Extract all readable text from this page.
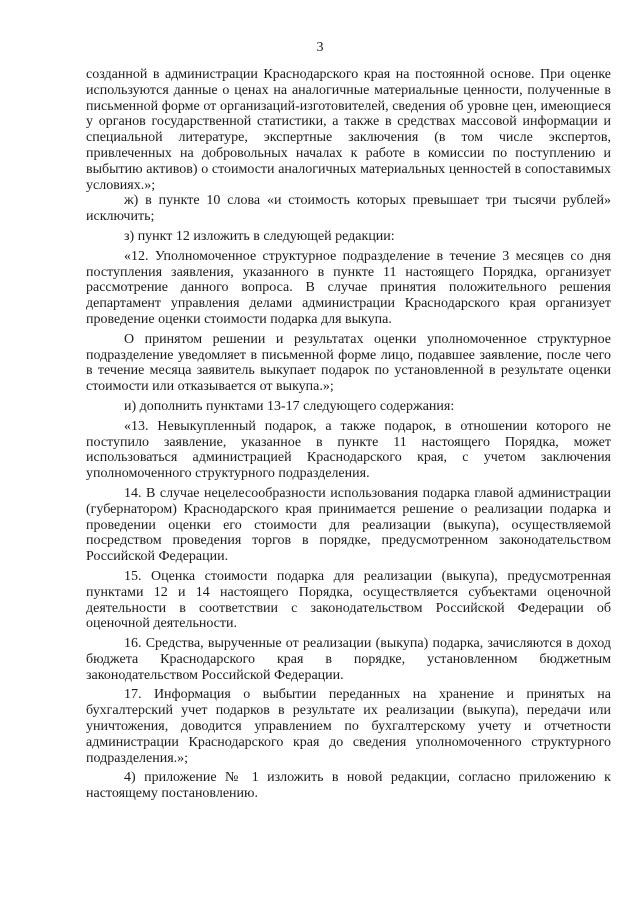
3

созданной в администрации Краснодарского края на постоянной основе. При оценке используются данные о ценах на аналогичные материальные ценности, полученные в письменной форме от организаций-изготовителей, сведения об уровне цен, имеющиеся у органов государственной статистики, а также в средствах массовой информации и специальной литературе, экспертные заключения (в том числе экспертов, привлеченных на добровольных началах к работе в комиссии по поступлению и выбытию активов) о стоимости аналогичных материальных ценностей в сопоставимых условиях.»;

ж) в пункте 10 слова «и стоимость которых превышает три тысячи рублей» исключить;

з) пункт 12 изложить в следующей редакции:

«12. Уполномоченное структурное подразделение в течение 3 месяцев со дня поступления заявления, указанного в пункте 11 настоящего Порядка, организует рассмотрение данного вопроса. В случае принятия положительного решения департамент управления делами администрации Краснодарского края организует проведение оценки стоимости подарка для выкупа.

О принятом решении и результатах оценки уполномоченное структурное подразделение уведомляет в письменной форме лицо, подавшее заявление, после чего в течение месяца заявитель выкупает подарок по установленной в результате оценки стоимости или отказывается от выкупа.»;

и) дополнить пунктами 13-17 следующего содержания:

«13. Невыкупленный подарок, а также подарок, в отношении которого не поступило заявление, указанное в пункте 11 настоящего Порядка, может использоваться администрацией Краснодарского края, с учетом заключения уполномоченного структурного подразделения.

14. В случае нецелесообразности использования подарка главой администрации (губернатором) Краснодарского края принимается решение о реализации подарка и проведении оценки его стоимости для реализации (выкупа), осуществляемой посредством проведения торгов в порядке, предусмотренном законодательством Российской Федерации.

15. Оценка стоимости подарка для реализации (выкупа), предусмотренная пунктами 12 и 14 настоящего Порядка, осуществляется субъектами оценочной деятельности в соответствии с законодательством Российской Федерации об оценочной деятельности.

16. Средства, вырученные от реализации (выкупа) подарка, зачисляются в доход бюджета Краснодарского края в порядке, установленном бюджетным законодательством Российской Федерации.

17. Информация о выбытии переданных на хранение и принятых на бухгалтерский учет подарков в результате их реализации (выкупа), передачи или уничтожения, доводится управлением по бухгалтерскому учету и отчетности администрации Краснодарского края до сведения уполномоченного структурного подразделения.»;

4) приложение № 1 изложить в новой редакции, согласно приложению к настоящему постановлению.
